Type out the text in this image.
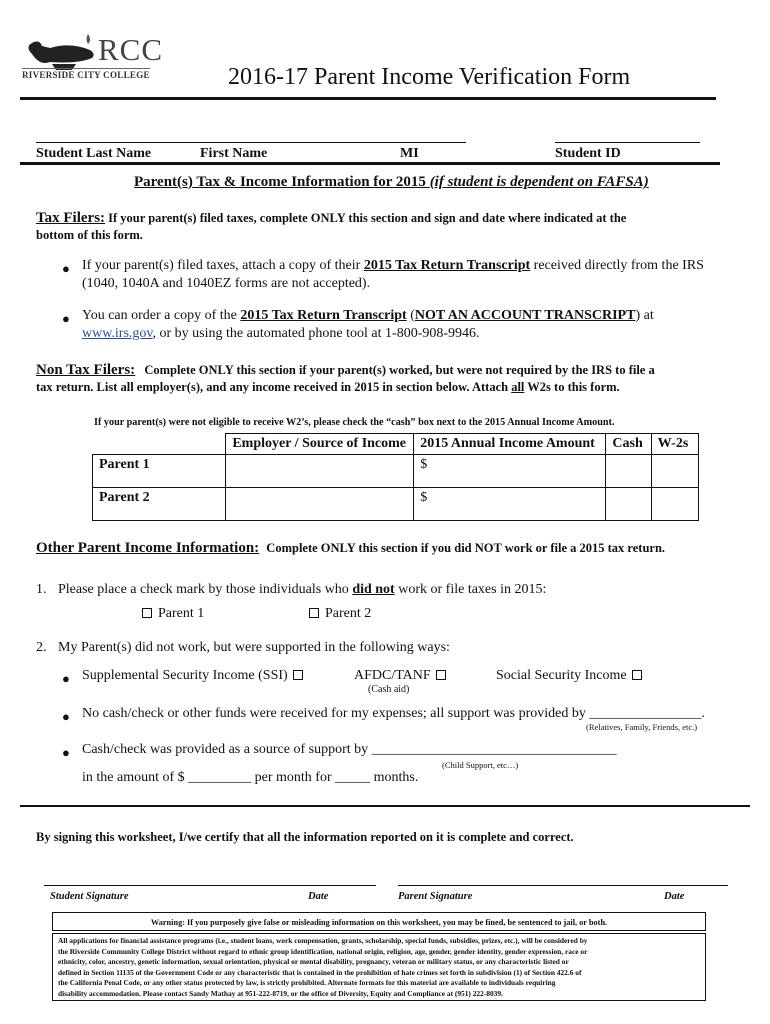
RCC
RIVERSIDE CITY COLLEGE	2016-17 Parent Income Verification Form
Student Last Name	First Name	MI	Student ID
Parent(s) Tax & Income Information for 2015 (if student is dependent on FAFSA)
Tax Filers: If your parent(s) filed taxes, complete ONLY this section and sign and date where indicated at the
bottom of this form.
● If your parent(s) filed taxes, attach a copy of their 2015 Tax Return Transcript received directly from the IRS
(1040, 1040A and 1040EZ forms are not accepted).
● You can order a copy of the 2015 Tax Return Transcript (NOT AN ACCOUNT TRANSCRIPT) at
www.irs.gov, or by using the automated phone tool at 1-800-908-9946.
Non Tax Filers: Complete ONLY this section if your parent(s) worked, but were not required by the IRS to file a
tax return. List all employer(s), and any income received in 2015 in section below. Attach all W2s to this form.
If your parent(s) were not eligible to receive W2’s, please check the “cash” box next to the 2015 Annual Income Amount.
	Employer / Source of Income	2015 Annual Income Amount	Cash	W-2s
Parent 1		$		
Parent 2		$		
Other Parent Income Information: Complete ONLY this section if you did NOT work or file a 2015 tax return.
1. Please place a check mark by those individuals who did not work or file taxes in 2015:
Parent 1	Parent 2
2. My Parent(s) did not work, but were supported in the following ways:
● Supplemental Security Income (SSI)	AFDC/TANF
(Cash aid)
Social Security Income
● No cash/check or other funds were received for my expenses; all support was provided by ________________.
(Relatives, Family, Friends, etc.)
● Cash/check was provided as a source of support by ___________________________________
(Child Support, etc…)
in the amount of $ _________ per month for _____ months.
By signing this worksheet, I/we certify that all the information reported on it is complete and correct.
Student Signature	Date	Parent Signature	Date
Warning: If you purposely give false or misleading information on this worksheet, you may be fined, be sentenced to jail, or both.
All applications for financial assistance programs (i.e., student loans, work compensation, grants, scholarship, special funds, subsidies, prizes, etc.), will be considered by
the Riverside Community College District without regard to ethnic group identification, national origin, religion, age, gender, gender identity, gender expression, race or
ethnicity, color, ancestry, genetic information, sexual orientation, physical or mental disability, pregnancy, veteran or military status, or any characteristic listed or
defined in Section 11135 of the Government Code or any characteristic that is contained in the prohibition of hate crimes set forth in subdivision (1) of Section 422.6 of
the California Penal Code, or any other status protected by law, is strictly prohibited. Alternate formats for this material are available to individuals requiring
disability accommodation. Please contact Sandy Mathay at 951-222-8719, or the office of Diversity, Equity and Compliance at (951) 222-8039.
